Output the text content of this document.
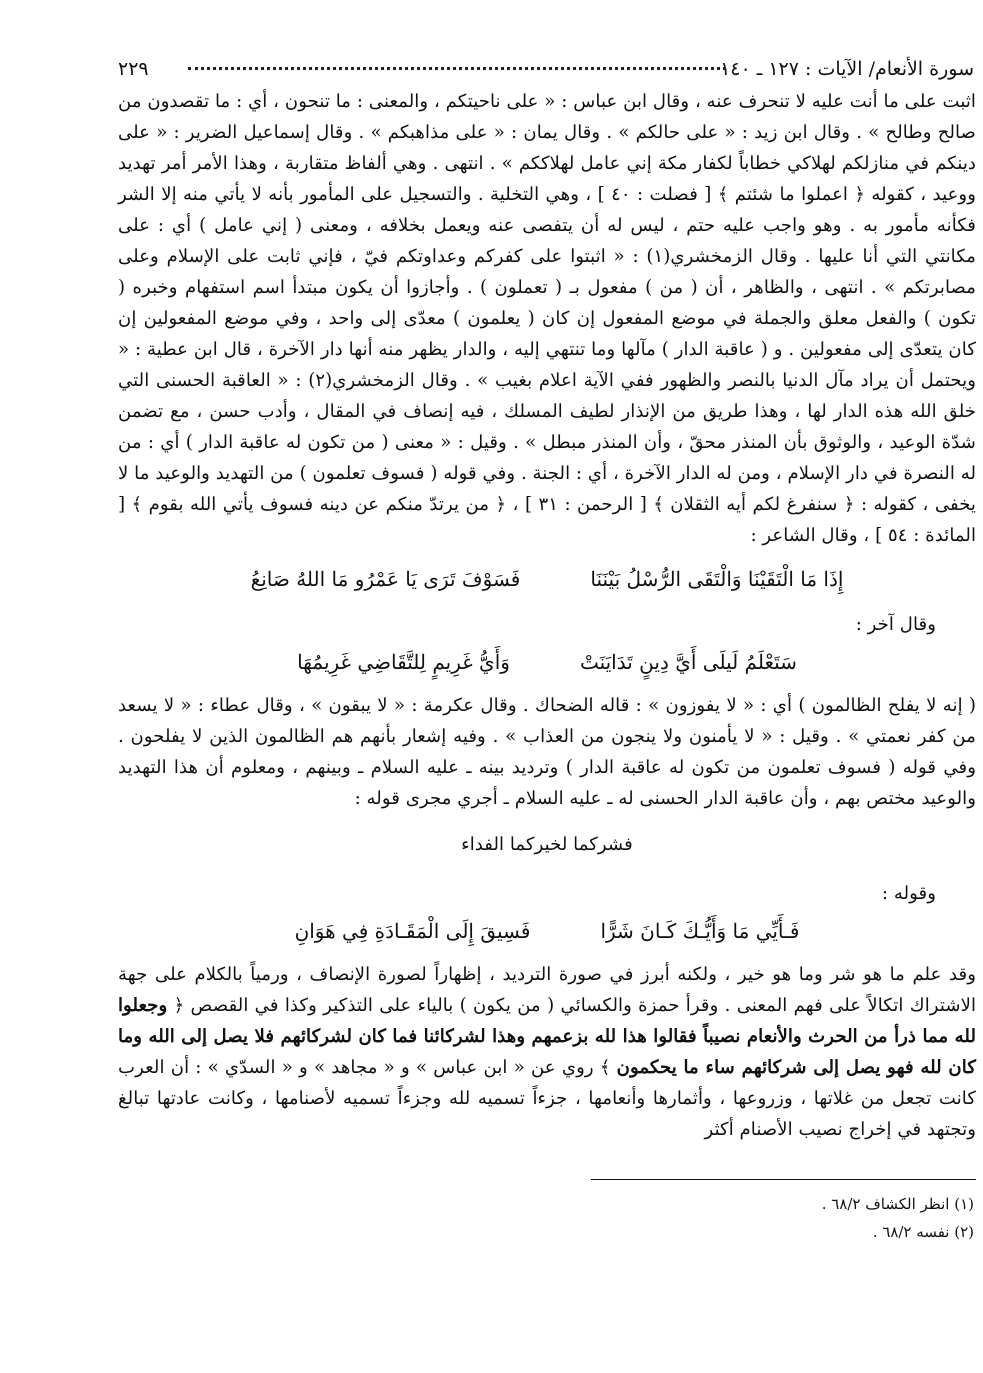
سورة الأنعام/ الآيات : ١٢٧ ـ ١٤٠
٢٢٩

اثبت على ما أنت عليه لا تنحرف عنه ، وقال ابن عباس : « على ناحيتكم ، والمعنى : ما تنحون ، أي : ما تقصدون من صالح وطالح » . وقال ابن زيد : « على حالكم » . وقال يمان : « على مذاهبكم » . وقال إسماعيل الضرير : « على دينكم في منازلكم لهلاكي خطاباً لكفار مكة إني عامل لهلاككم » . انتهى . وهي ألفاظ متقاربة ، وهذا الأمر أمر تهديد ووعيد ، كقوله ﴿ اعملوا ما شئتم ﴾ [ فصلت : ٤٠ ] ، وهي التخلية . والتسجيل على المأمور بأنه لا يأتي منه إلا الشر فكأنه مأمور به . وهو واجب عليه حتم ، ليس له أن يتفصى عنه ويعمل بخلافه ، ومعنى ( إني عامل ) أي : على مكانتي التي أنا عليها . وقال الزمخشري(١) : « اثبتوا على كفركم وعداوتكم فيّ ، فإني ثابت على الإسلام وعلى مصابرتكم » . انتهى ، والظاهر ، أن ( من ) مفعول بـ ( تعملون ) . وأجازوا أن يكون مبتدأ اسم استفهام وخبره ( تكون ) والفعل معلق والجملة في موضع المفعول إن كان ( يعلمون ) معدّى إلى واحد ، وفي موضع المفعولين إن كان يتعدّى إلى مفعولين . و ( عاقبة الدار ) مآلها وما تنتهي إليه ، والدار يظهر منه أنها دار الآخرة ، قال ابن عطية : « ويحتمل أن يراد مآل الدنيا بالنصر والظهور ففي الآية اعلام بغيب » . وقال الزمخشري(٢) : « العاقبة الحسنى التي خلق الله هذه الدار لها ، وهذا طريق من الإنذار لطيف المسلك ، فيه إنصاف في المقال ، وأدب حسن ، مع تضمن شدّة الوعيد ، والوثوق بأن المنذر محقّ ، وأن المنذر مبطل » . وقيل : « معنى ( من تكون له عاقبة الدار ) أي : من له النصرة في دار الإسلام ، ومن له الدار الآخرة ، أي : الجنة . وفي قوله ( فسوف تعلمون ) من التهديد والوعيد ما لا يخفى ، كقوله : ﴿ سنفرغ لكم أيه الثقلان ﴾ [ الرحمن : ٣١ ] ، ﴿ من يرتدّ منكم عن دينه فسوف يأتي الله بقوم ﴾ [ المائدة : ٥٤ ] ، وقال الشاعر :

إِذَا مَا الْتَقَيْنَا وَالْتَقَى الرُّسْلُ بَيْنَنَا
فَسَوْفَ تَرَى يَا عَمْرُو مَا اللهُ صَانِعُ

وقال آخر :

سَتَعْلَمُ لَيلَى أَيَّ دِينٍ تَدَايَنَتْ
وَأَيُّ غَرِيمٍ لِلتَّقَاضِي غَرِيمُهَا

( إنه لا يفلح الظالمون ) أي : « لا يفوزون » : قاله الضحاك . وقال عكرمة : « لا يبقون » ، وقال عطاء : « لا يسعد من كفر نعمتي » . وقيل : « لا يأمنون ولا ينجون من العذاب » . وفيه إشعار بأنهم هم الظالمون الذين لا يفلحون . وفي قوله ( فسوف تعلمون من تكون له عاقبة الدار ) وترديد بينه ـ عليه السلام ـ وبينهم ، ومعلوم أن هذا التهديد والوعيد مختص بهم ، وأن عاقبة الدار الحسنى له ـ عليه السلام ـ أجري مجرى قوله :

فشركما لخيركما الفداء

وقوله :

فَـأَيِّي مَا وَأَيُّـكَ كَـانَ شَرًّا
فَسِيقَ إِلَى الْمَقَـادَةِ فِي هَوَانِ

وقد علم ما هو شر وما هو خير ، ولكنه أبرز في صورة الترديد ، إظهاراً لصورة الإنصاف ، ورمياً بالكلام على جهة الاشتراك اتكالاً على فهم المعنى . وقرأ حمزة والكسائي ( من يكون ) بالياء على التذكير وكذا في القصص ﴿ وجعلوا لله مما ذرأ من الحرث والأنعام نصيباً فقالوا هذا لله بزعمهم وهذا لشركائنا فما كان لشركائهم فلا يصل إلى الله وما كان لله فهو يصل إلى شركائهم ساء ما يحكمون ﴾ روي عن « ابن عباس » و « مجاهد » و « السدّي » : أن العرب كانت تجعل من غلاتها ، وزروعها ، وأثمارها وأنعامها ، جزءاً تسميه لله وجزءاً تسميه لأصنامها ، وكانت عادتها تبالغ وتجتهد في إخراج نصيب الأصنام أكثر

(١) انظر الكشاف ٦٨/٢ .

(٢) نفسه ٦٨/٢ .
